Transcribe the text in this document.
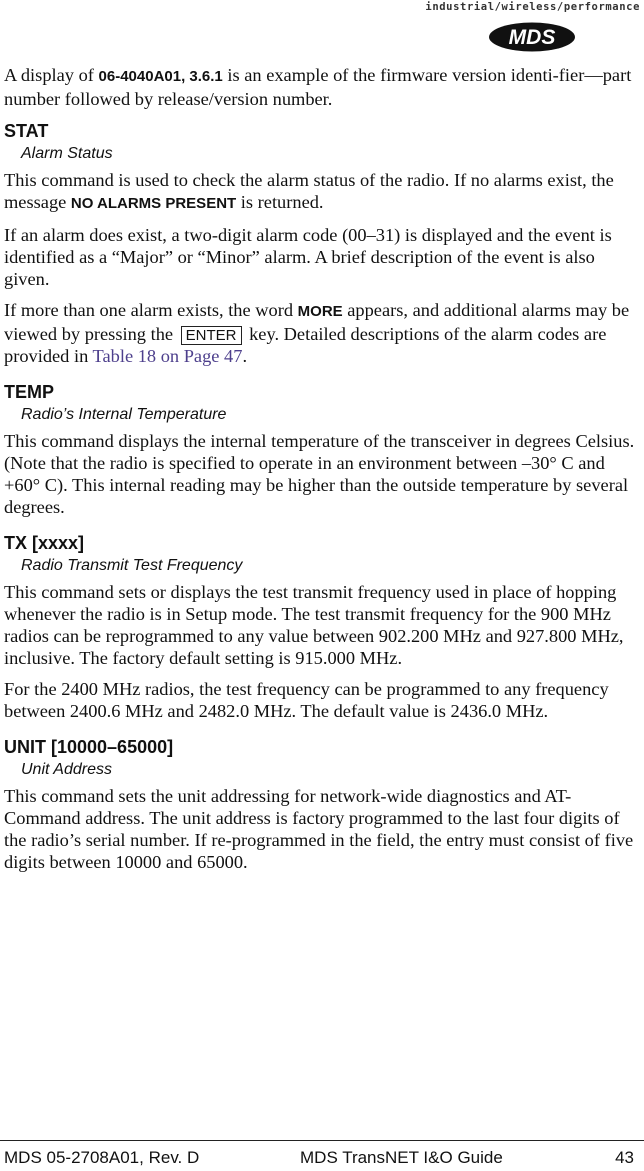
industrial/wireless/performance
MDS

A display of 06-4040A01, 3.6.1 is an example of the firmware version identi-fier—part number followed by release/version number.

STAT
Alarm Status

This command is used to check the alarm status of the radio. If no alarms exist, the message NO ALARMS PRESENT is returned.

If an alarm does exist, a two-digit alarm code (00–31) is displayed and the event is identified as a “Major” or “Minor” alarm. A brief description of the event is also given.

If more than one alarm exists, the word MORE appears, and additional alarms may be viewed by pressing the ENTER key. Detailed descriptions of the alarm codes are provided in Table 18 on Page 47.

TEMP
Radio’s Internal Temperature

This command displays the internal temperature of the transceiver in degrees Celsius. (Note that the radio is specified to operate in an environment between –30° C and +60° C). This internal reading may be higher than the outside temperature by several degrees.

TX [xxxx]
Radio Transmit Test Frequency

This command sets or displays the test transmit frequency used in place of hopping whenever the radio is in Setup mode. The test transmit frequency for the 900 MHz radios can be reprogrammed to any value between 902.200 MHz and 927.800 MHz, inclusive. The factory default setting is 915.000 MHz.

For the 2400 MHz radios, the test frequency can be programmed to any frequency between 2400.6 MHz and 2482.0 MHz. The default value is 2436.0 MHz.

UNIT [10000–65000]
Unit Address

This command sets the unit addressing for network-wide diagnostics and AT-Command address. The unit address is factory programmed to the last four digits of the radio’s serial number. If re-programmed in the field, the entry must consist of five digits between 10000 and 65000.

MDS 05-2708A01, Rev. D	MDS TransNET I&O Guide	43
